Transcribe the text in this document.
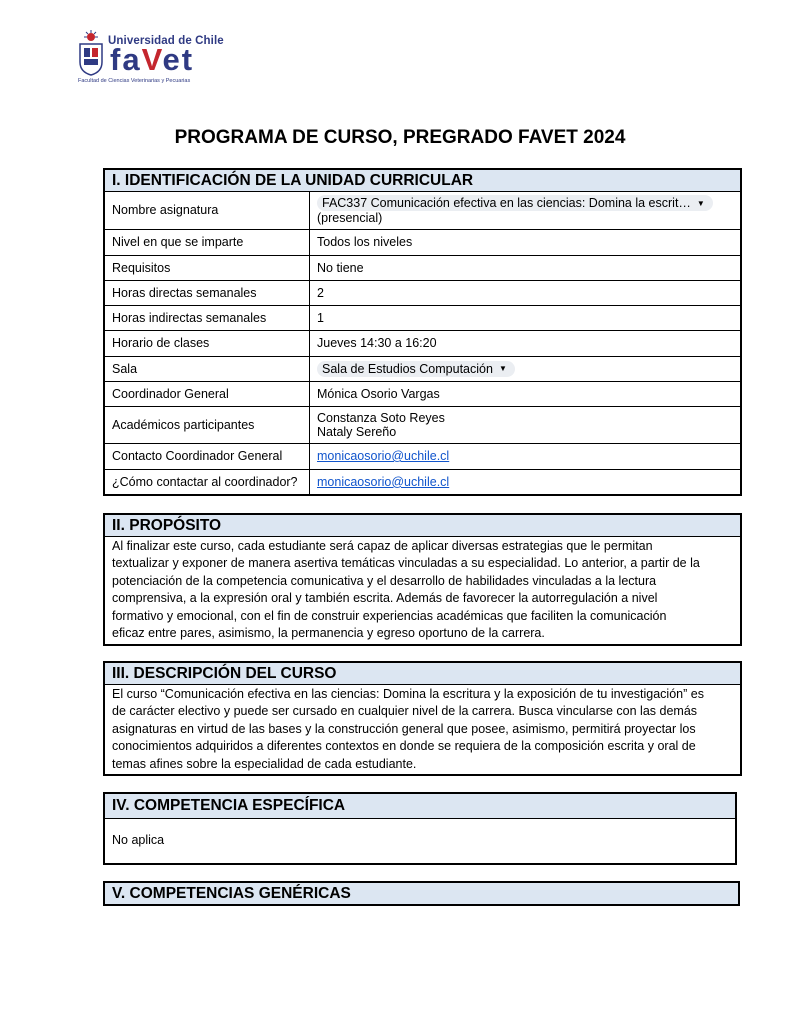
Universidad de Chile
faVet
Facultad de Ciencias Veterinarias y Pecuarias
PROGRAMA DE CURSO, PREGRADO FAVET 2024
I. IDENTIFICACIÓN DE LA UNIDAD CURRICULAR
Nombre asignatura	FAC337 Comunicación efectiva en las ciencias: Domina la escrit… ▼

(presencial)
Nivel en que se imparte	Todos los niveles
Requisitos	No tiene
Horas directas semanales	2
Horas indirectas semanales	1
Horario de clases	Jueves 14:30 a 16:20
Sala	Sala de Estudios Computación ▼

Coordinador General	Mónica Osorio Vargas
Académicos participantes	Constanza Soto Reyes
Nataly Sereño
Contacto Coordinador General	monicaosorio@uchile.cl
¿Cómo contactar al coordinador?	monicaosorio@uchile.cl
II. PROPÓSITO
Al finalizar este curso, cada estudiante será capaz de aplicar diversas estrategias que le permitan
textualizar y exponer de manera asertiva temáticas vinculadas a su especialidad. Lo anterior, a partir de la
potenciación de la competencia comunicativa y el desarrollo de habilidades vinculadas a la lectura
comprensiva, a la expresión oral y también escrita. Además de favorecer la autorregulación a nivel
formativo y emocional, con el fin de construir experiencias académicas que faciliten la comunicación
eficaz entre pares, asimismo, la permanencia y egreso oportuno de la carrera.
III. DESCRIPCIÓN DEL CURSO
El curso “Comunicación efectiva en las ciencias: Domina la escritura y la exposición de tu investigación” es
de carácter electivo y puede ser cursado en cualquier nivel de la carrera. Busca vincularse con las demás
asignaturas en virtud de las bases y la construcción general que posee, asimismo, permitirá proyectar los
conocimientos adquiridos a diferentes contextos en donde se requiera de la composición escrita y oral de
temas afines sobre la especialidad de cada estudiante.
IV. COMPETENCIA ESPECÍFICA
No aplica
V. COMPETENCIAS GENÉRICAS
